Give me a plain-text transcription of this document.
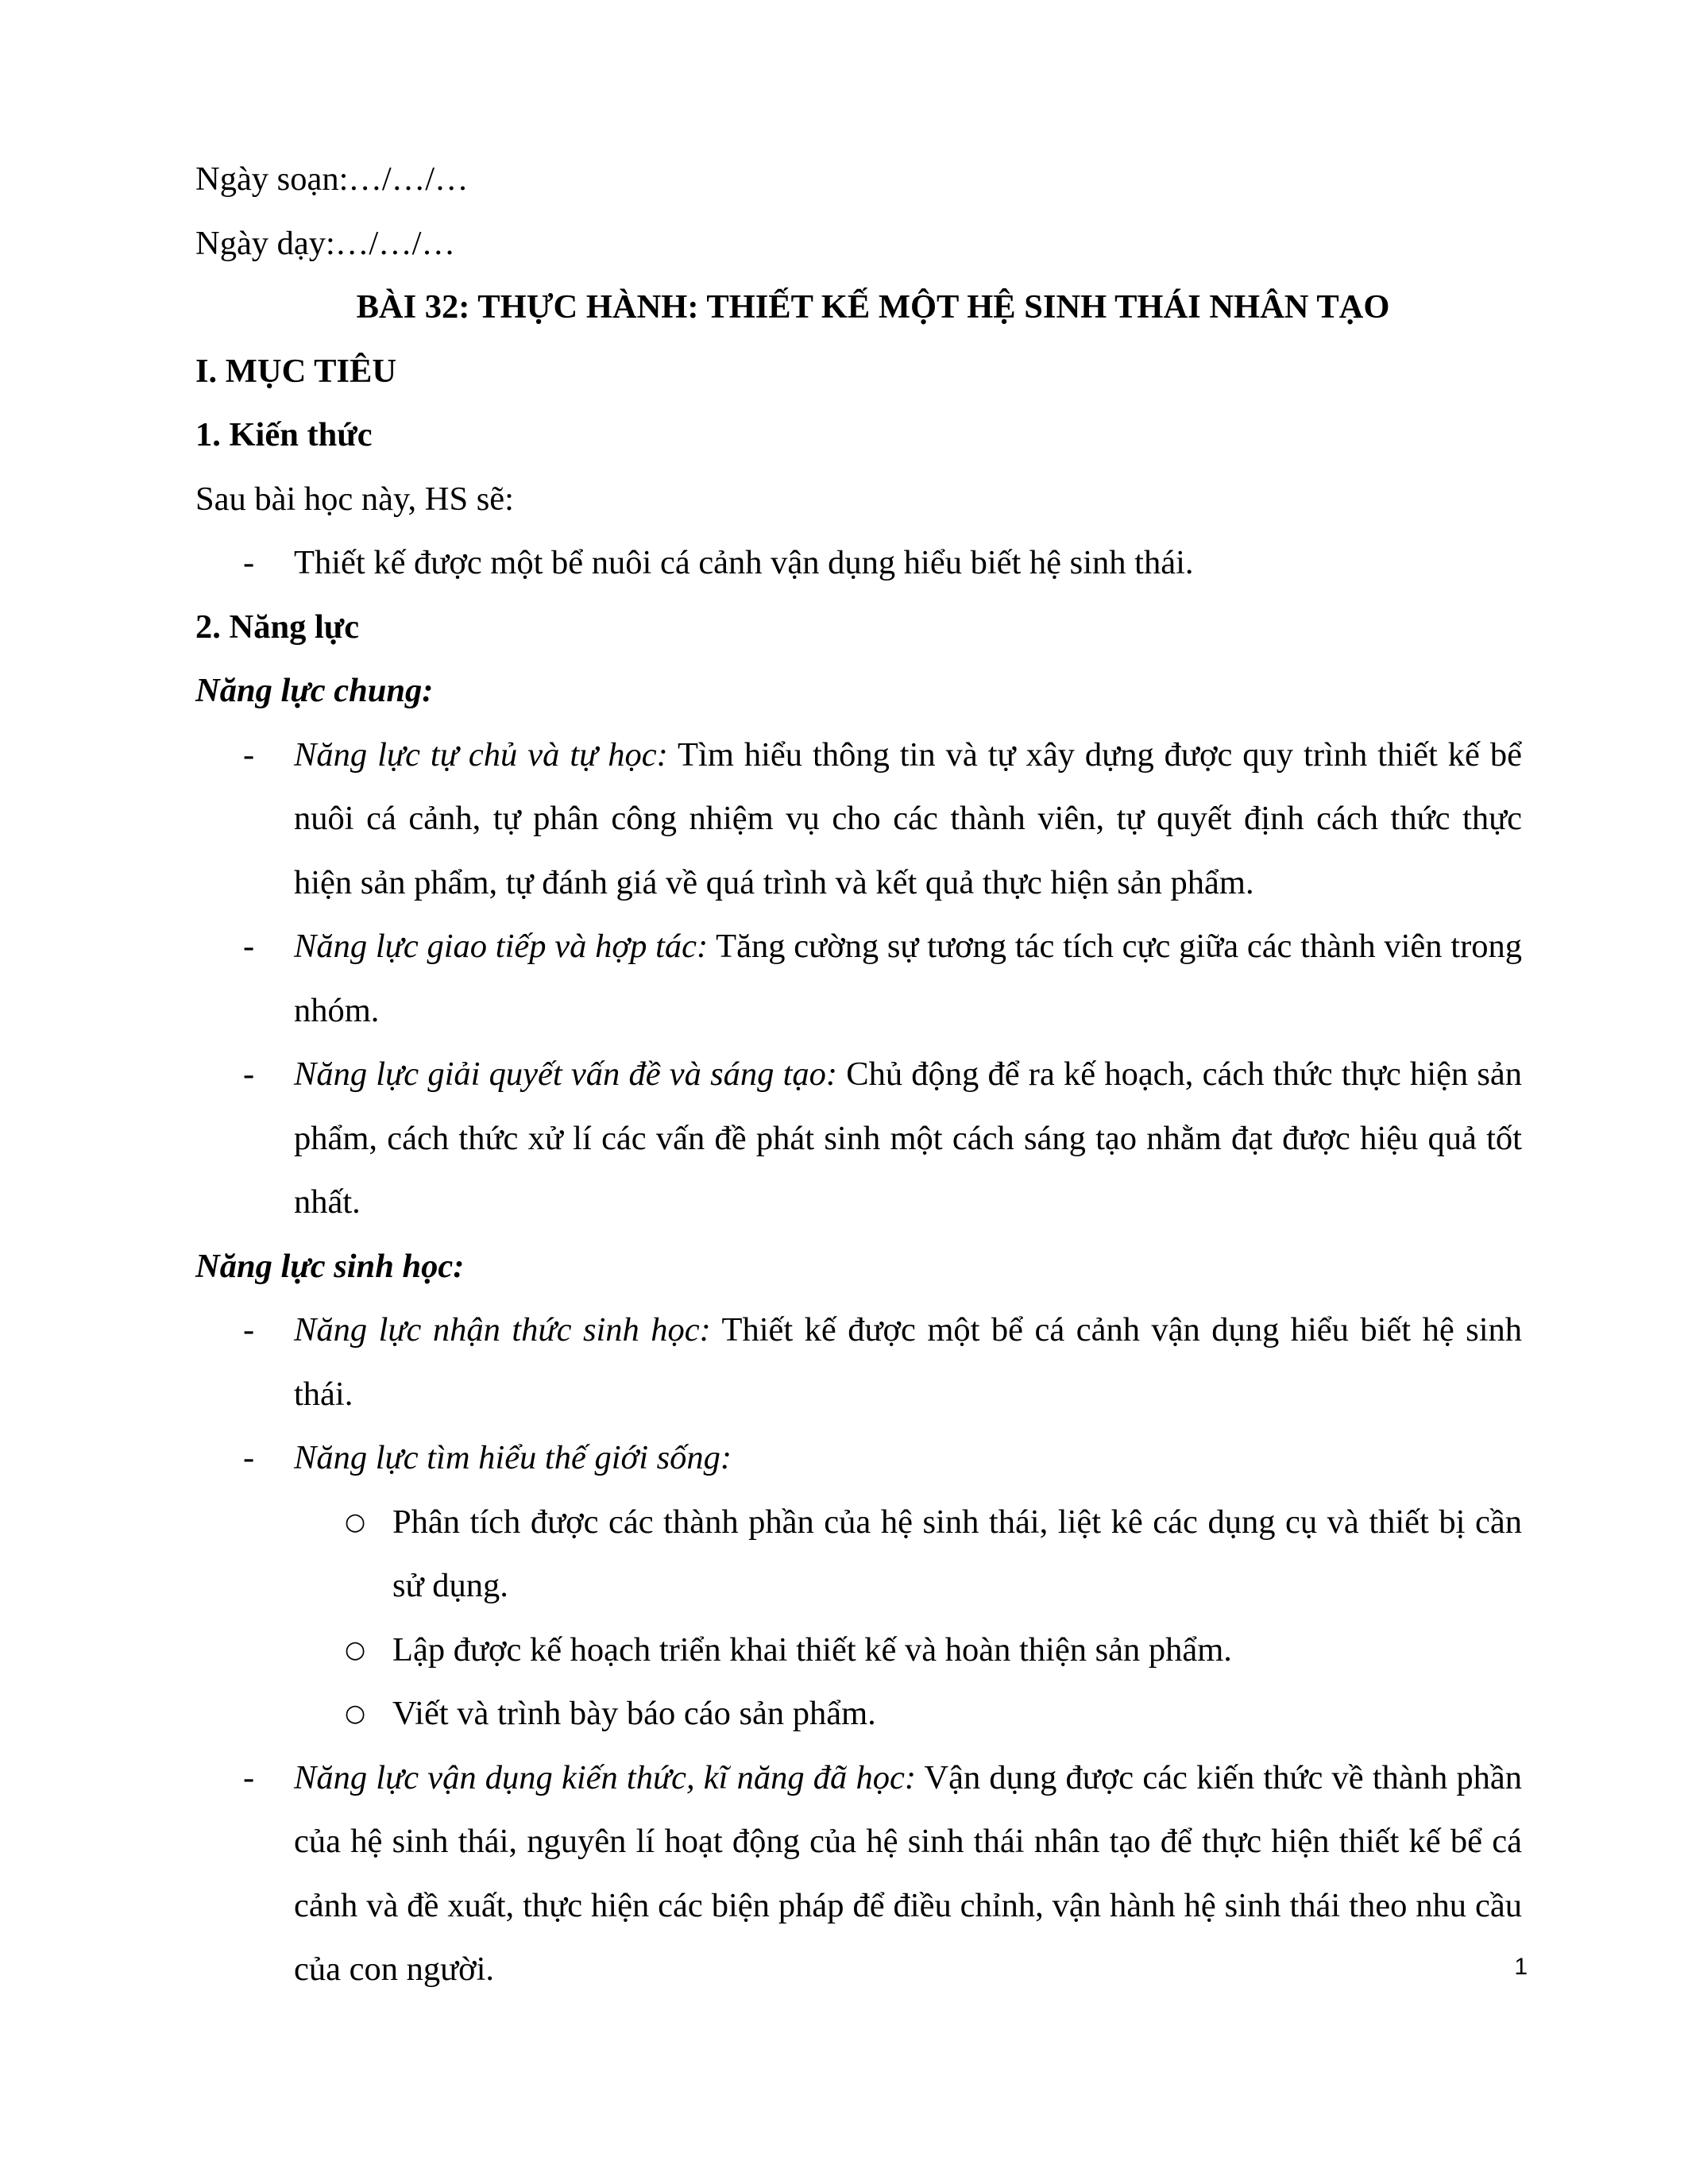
Ngày soạn:…/…/…
Ngày dạy:…/…/…
BÀI 32: THỰC HÀNH: THIẾT KẾ MỘT HỆ SINH THÁI NHÂN TẠO
I. MỤC TIÊU
1. Kiến thức
Sau bài học này, HS sẽ:
- Thiết kế được một bể nuôi cá cảnh vận dụng hiểu biết hệ sinh thái.
2. Năng lực
Năng lực chung:
- Năng lực tự chủ và tự học: Tìm hiểu thông tin và tự xây dựng được quy trình thiết kế bể nuôi cá cảnh, tự phân công nhiệm vụ cho các thành viên, tự quyết định cách thức thực hiện sản phẩm, tự đánh giá về quá trình và kết quả thực hiện sản phẩm.
- Năng lực giao tiếp và hợp tác: Tăng cường sự tương tác tích cực giữa các thành viên trong nhóm.
- Năng lực giải quyết vấn đề và sáng tạo: Chủ động để ra kế hoạch, cách thức thực hiện sản phẩm, cách thức xử lí các vấn đề phát sinh một cách sáng tạo nhằm đạt được hiệu quả tốt nhất.
Năng lực sinh học:
- Năng lực nhận thức sinh học: Thiết kế được một bể cá cảnh vận dụng hiểu biết hệ sinh thái.
- Năng lực tìm hiểu thế giới sống:
○ Phân tích được các thành phần của hệ sinh thái, liệt kê các dụng cụ và thiết bị cần sử dụng.
○ Lập được kế hoạch triển khai thiết kế và hoàn thiện sản phẩm.
○ Viết và trình bày báo cáo sản phẩm.
- Năng lực vận dụng kiến thức, kĩ năng đã học: Vận dụng được các kiến thức về thành phần của hệ sinh thái, nguyên lí hoạt động của hệ sinh thái nhân tạo để thực hiện thiết kế bể cá cảnh và đề xuất, thực hiện các biện pháp để điều chỉnh, vận hành hệ sinh thái theo nhu cầu của con người.	1
